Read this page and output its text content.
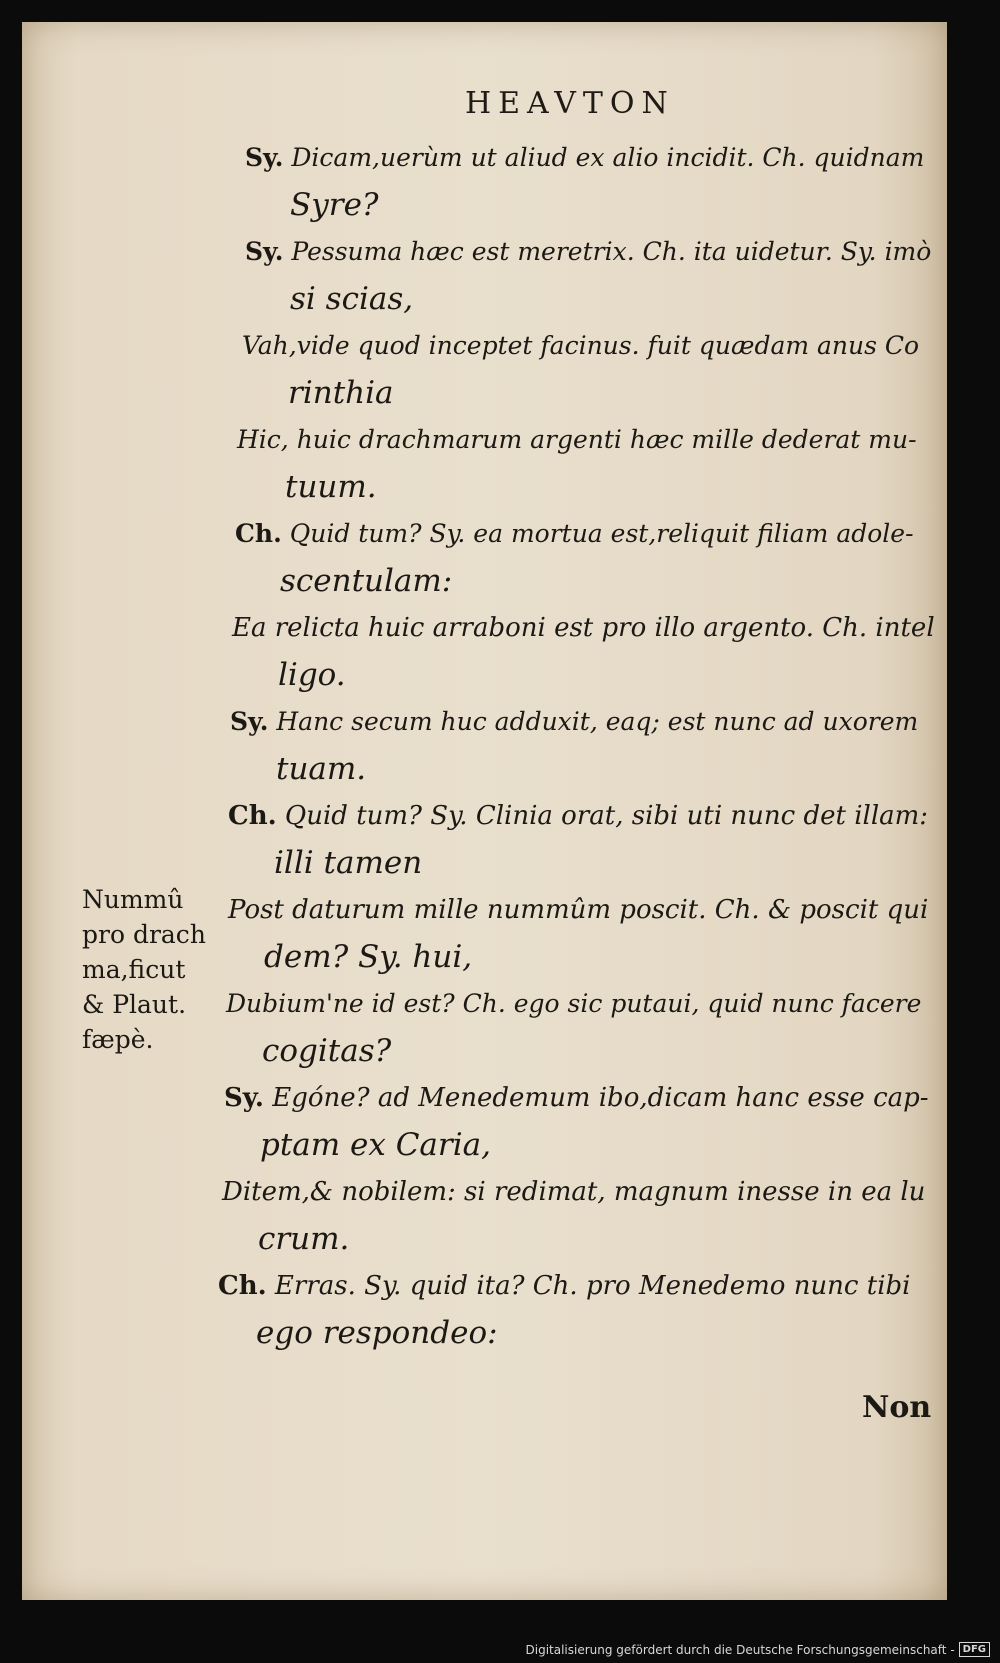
HEAVTON
Sy. Dicam,uerùm ut aliud ex alio incidit. Ch. quidnam
Syre?
Sy. Pessuma hæc est meretrix. Ch. ita uidetur. Sy. imò
si scias,
Vah,vide quod inceptet facinus. fuit quædam anus Co
rinthia
Hic, huic drachmarum argenti hæc mille dederat mu-
tuum.
Ch. Quid tum? Sy. ea mortua est,reliquit filiam adole-
scentulam:
Ea relicta huic arraboni est pro illo argento. Ch. intel
ligo.
Sy. Hanc secum huc adduxit, eaq; est nunc ad uxorem
tuam.
Ch. Quid tum? Sy. Clinia orat, sibi uti nunc det illam:
illi tamen
Post daturum mille nummûm poscit. Ch. & poscit qui
dem? Sy. hui,
Dubium'ne id est? Ch. ego sic putaui, quid nunc facere
cogitas?
Sy. Egóne? ad Menedemum ibo,dicam hanc esse cap-
ptam ex Caria,
Ditem,& nobilem: si redimat, magnum inesse in ea lu
crum.
Ch. Erras. Sy. quid ita? Ch. pro Menedemo nunc tibi
ego respondeo:
Nummû
pro drach
ma,ficut
& Plaut.
fæpè.
Non
Digitalisierung gefördert durch die Deutsche Forschungsgemeinschaft - DFG
